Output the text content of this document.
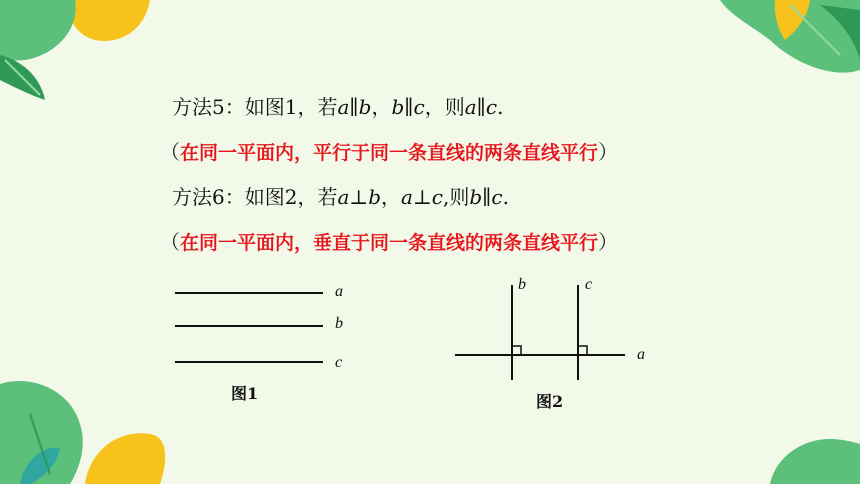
方法5：如图1，若a∥b，b∥c，则a∥c.
（在同一平面内，平行于同一条直线的两条直线平行）
方法6：如图2，若a⊥b，a⊥c,则b∥c.
（在同一平面内，垂直于同一条直线的两条直线平行）
a
b
c
图1
b	c
a
图2
